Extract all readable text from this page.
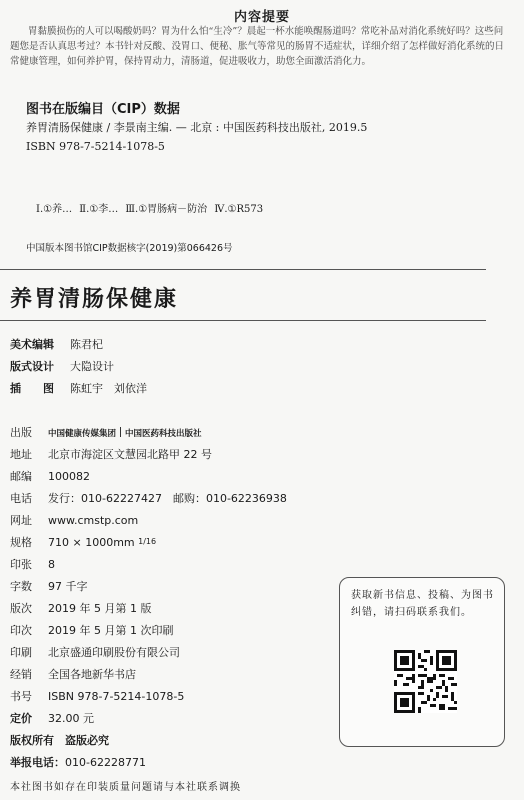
内容提要
胃黏膜损伤的人可以喝酸奶吗？胃为什么怕“生冷”？晨起一杯水能唤醒肠道吗？常吃补品对消化系统好吗？这些问题您是否认真思考过？本书针对反酸、没胃口、便秘、胀气等常见的肠胃不适症状，详细介绍了怎样做好消化系统的日常健康管理，如何养护胃，保持胃动力，清肠道，促进吸收力，助您全面激活消化力。
图书在版编目（CIP）数据
养胃清肠保健康 / 李景南主编. — 北京 : 中国医药科技出版社, 2019.5
ISBN 978-7-5214-1078-5
Ⅰ.①养… Ⅱ.①李… Ⅲ.①胃肠病－防治 Ⅳ.①R573
中国版本图书馆CIP数据核字(2019)第066426号
养胃清肠保健康
美术编辑 陈君杞
版式设计 大隐设计
插　　图 陈虹宇　刘依洋
出版 中国健康传媒集团 中国医药科技出版社
地址 北京市海淀区文慧园北路甲 22 号
邮编 100082
电话 发行：010-62227427　邮购：010-62236938
网址 www.cmstp.com
规格 710 × 1000mm 1/16
印张 8
字数 97 千字
版次 2019 年 5 月第 1 版
印次 2019 年 5 月第 1 次印刷
印刷 北京盛通印刷股份有限公司
经销 全国各地新华书店
书号 ISBN 978-7-5214-1078-5
定价 32.00 元
版权所有　 盗版必究
举报电话：010-62228771
获取新书信息、投稿、为图书纠错，请扫码联系我们。
本社图书如存在印装质量问题请与本社联系调换
